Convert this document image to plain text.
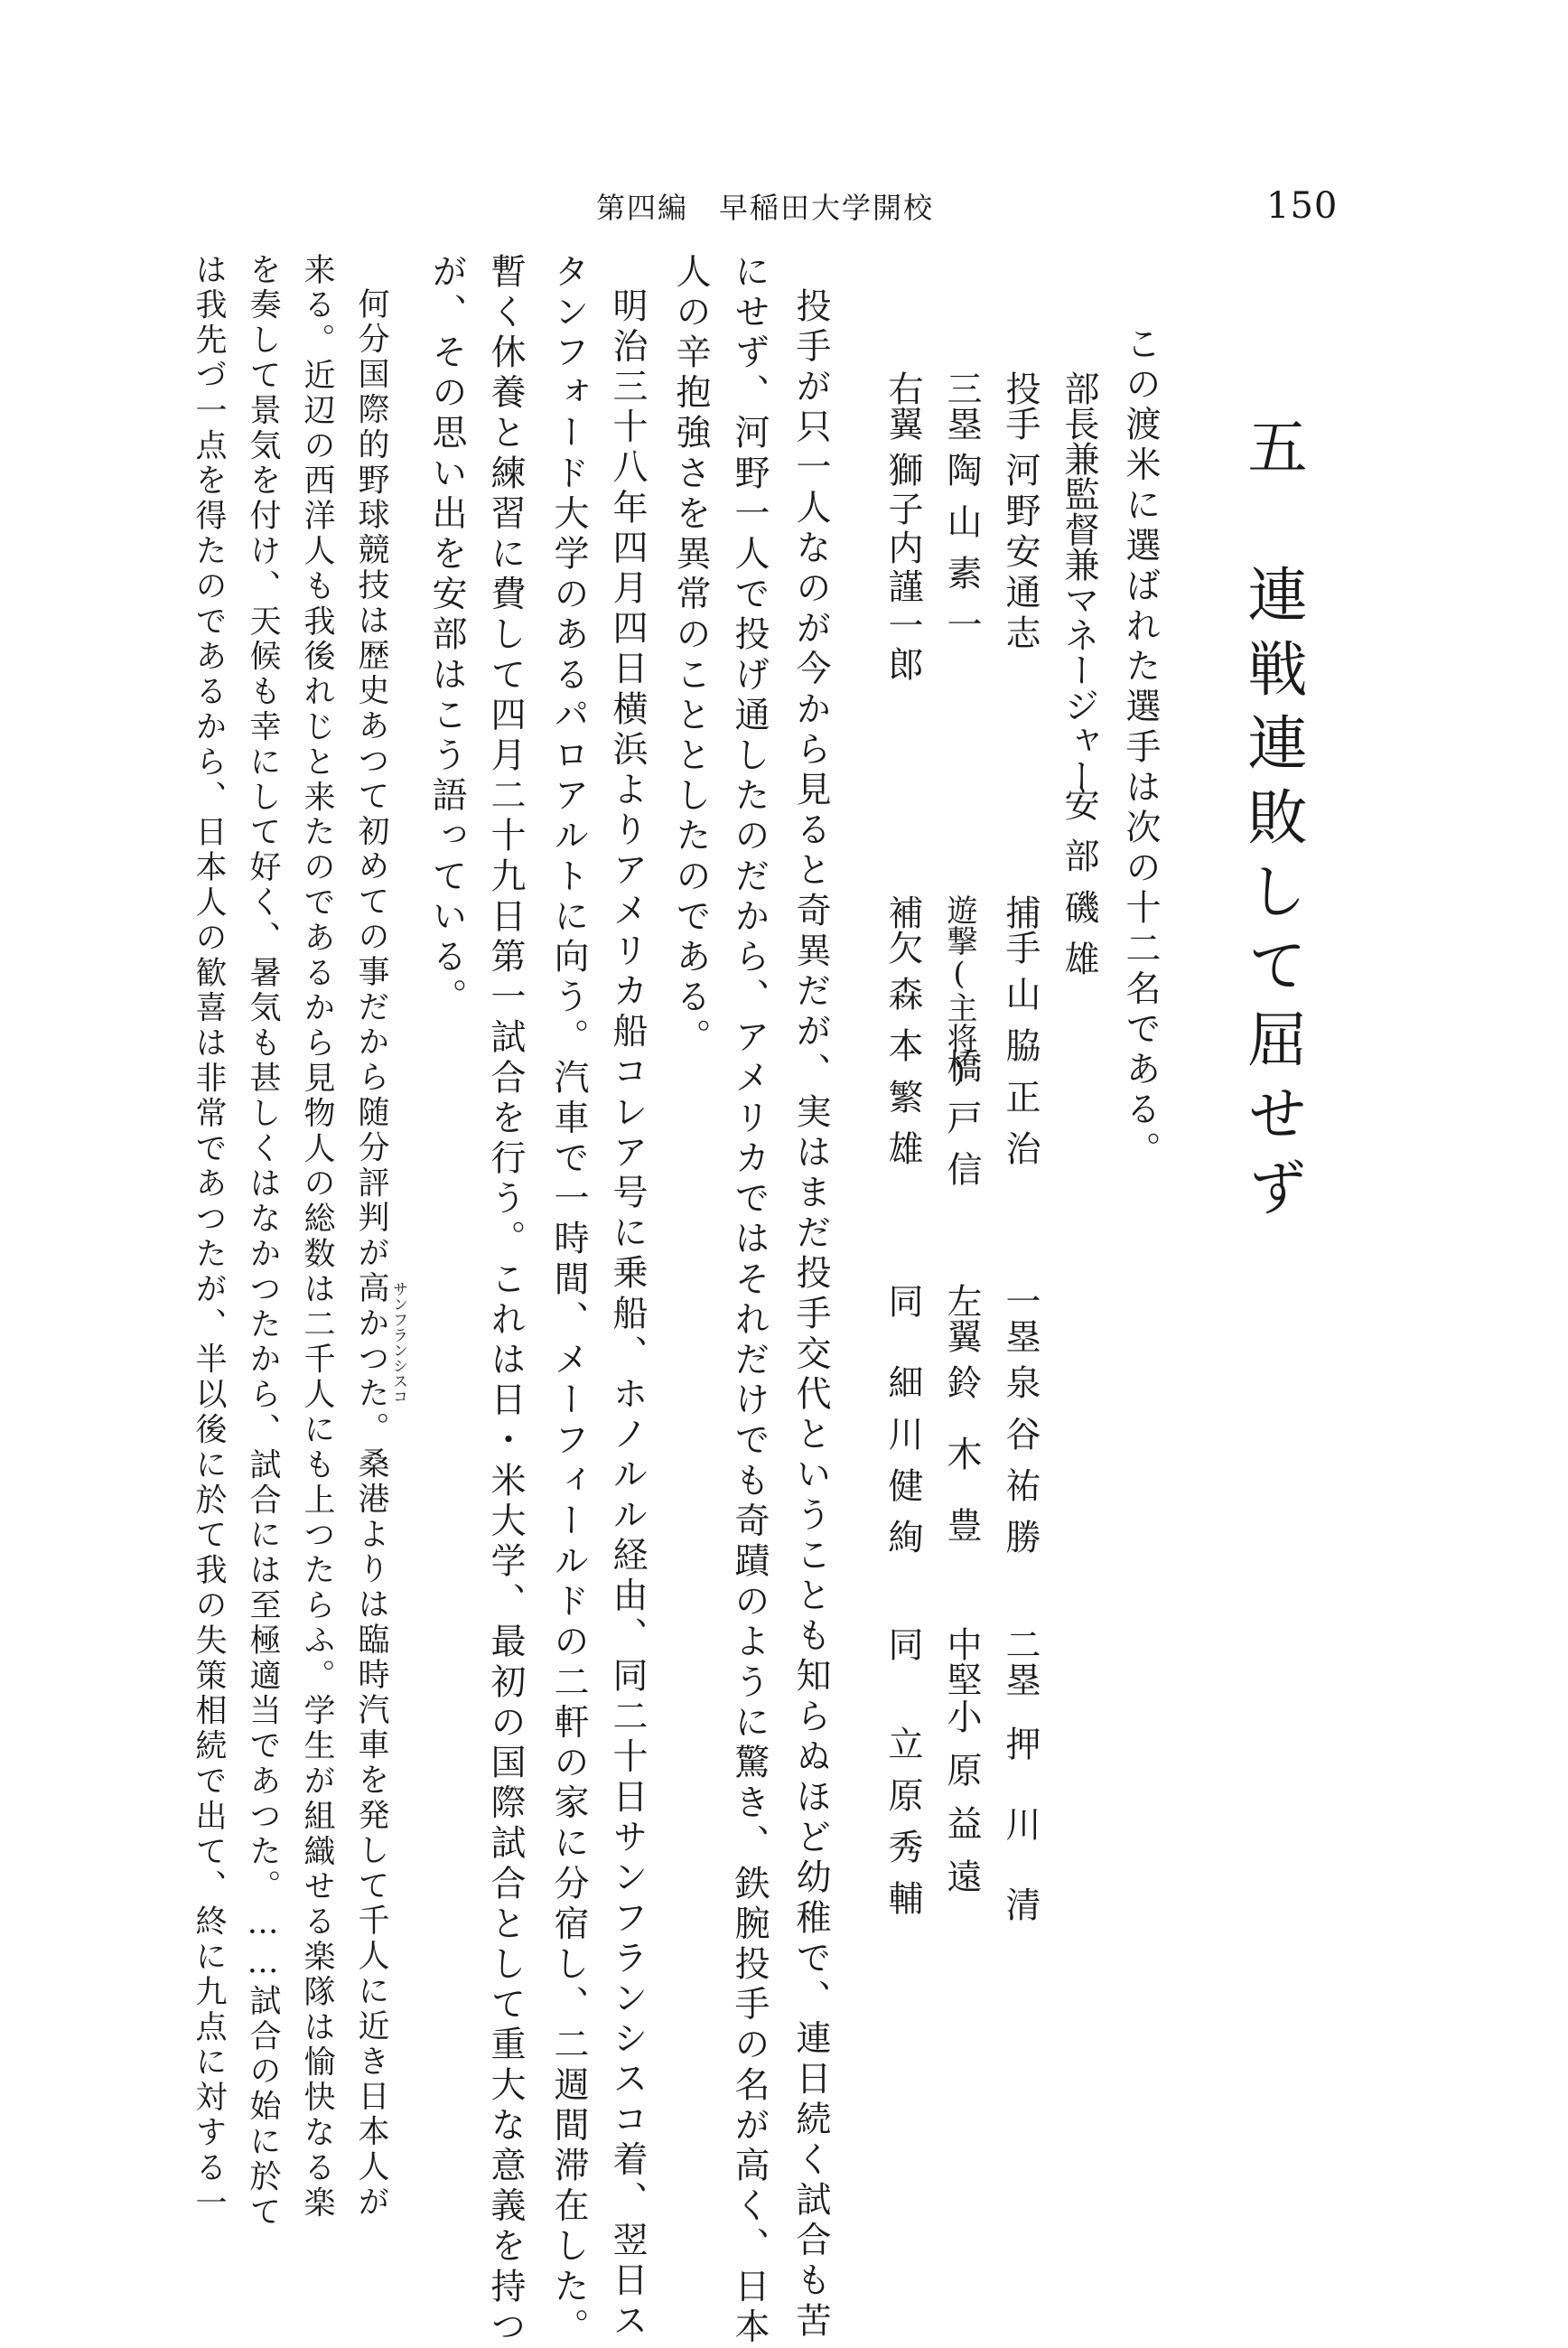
第四編　早稲田大学開校	150
五　連戦連敗して屈せず
この渡米に選ばれた選手は次の十二名である。
部長兼監督兼マネージャー
安部磯雄
投手
河野安通志
捕手
山脇正治
一塁
泉谷祐勝
二塁
押川清
三塁
陶山素一
遊撃(主将)
橋戸信
左翼
鈴木豊
中堅
小原益遠
右翼
獅子内謹一郎
補欠
森本繁雄
同
細川健絢
同
立原秀輔
投手が只一人なのが今から見ると奇異だが、実はまだ投手交代ということも知らぬほど幼稚で、連日続く試合も苦
にせず、河野一人で投げ通したのだから、アメリカではそれだけでも奇蹟のように驚き、鉄腕投手の名が高く、日本
人の辛抱強さを異常のこととしたのである。
明治三十八年四月四日横浜よりアメリカ船コレア号に乗船、ホノルル経由、同二十日サンフランシスコ着、翌日ス
タンフォード大学のあるパロアルトに向う。汽車で一時間、メーフィールドの二軒の家に分宿し、二週間滞在した。
暫く休養と練習に費して四月二十九日第一試合を行う。これは日・米大学、最初の国際試合として重大な意義を持つ
が、その思い出を安部はこう語っている。
何分国際的野球競技は歴史あつて初めての事だから随分評判が高かつた。桑港よりは臨時汽車を発して千人に近き日本人が
来る。近辺の西洋人も我後れじと来たのであるから見物人の総数は二千人にも上つたらふ。学生が組織せる楽隊は愉快なる楽
を奏して景気を付け、天候も幸にして好く、暑気も甚しくはなかつたから、試合には至極適当であつた。……試合の始に於て
は我先づ一点を得たのであるから、日本人の歓喜は非常であつたが、半以後に於て我の失策相続で出て、終に九点に対する一	サンフランシスコ
